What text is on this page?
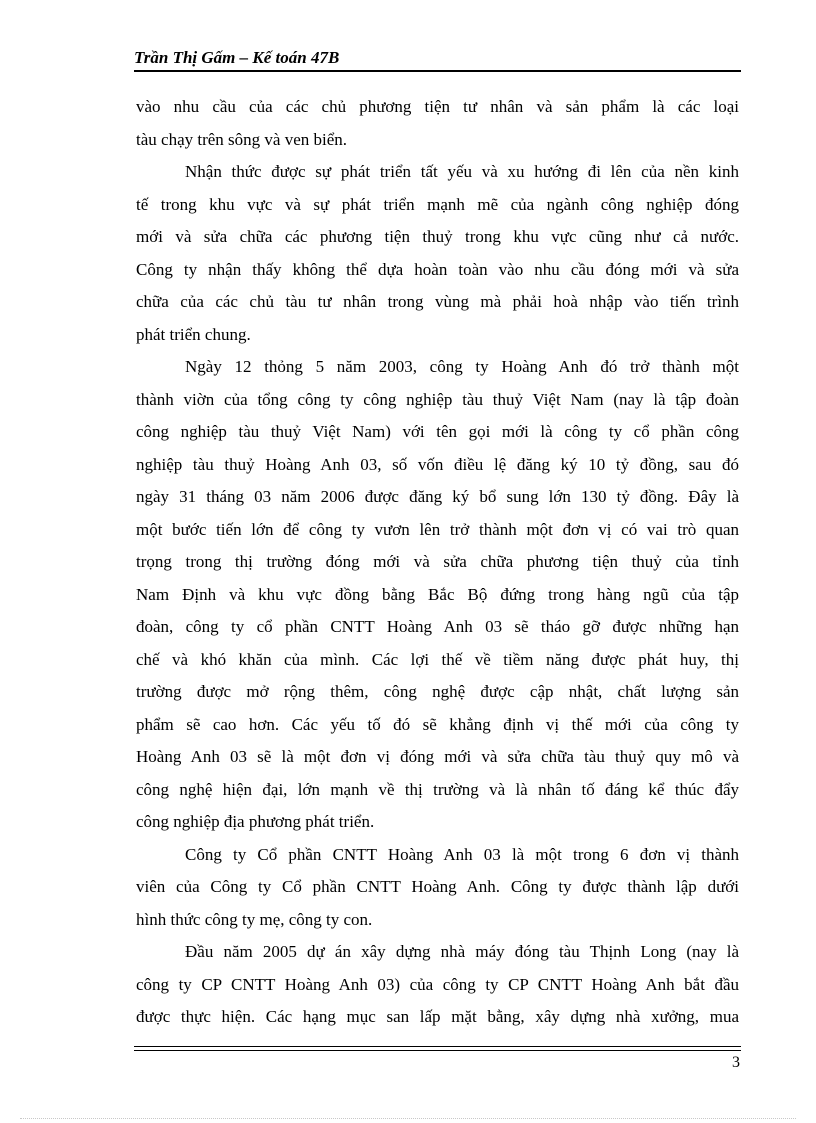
Trần Thị Gấm – Kế toán 47B
vào nhu cầu của các chủ phương tiện tư nhân và sản phẩm là các loại
tàu chạy trên sông và ven biển.
Nhận thức được sự phát triển tất yếu và xu hướng đi lên của nền kinh
tế trong khu vực và sự phát triển mạnh mẽ của ngành công nghiệp đóng
mới và sửa chữa các phương tiện thuỷ trong khu vực cũng như cả nước.
Công ty nhận thấy không thể dựa hoàn toàn vào nhu cầu đóng mới và sửa
chữa của các chủ tàu tư nhân trong vùng mà phải hoà nhập vào tiến trình
phát triển chung.
Ngày 12 thỏng 5 năm 2003, công ty Hoàng Anh đó trở thành một
thành viờn của tổng công ty công nghiệp tàu thuỷ Việt Nam (nay là tập đoàn
công nghiệp tàu thuỷ Việt Nam) với tên gọi mới là công ty cổ phần công
nghiệp tàu thuỷ Hoàng Anh 03, số vốn điều lệ đăng ký 10 tỷ đồng, sau đó
ngày 31 tháng 03 năm 2006 được đăng ký bổ sung lớn 130 tỷ đồng. Đây là
một bước tiến lớn để công ty vươn lên trở thành một đơn vị có vai trò quan
trọng trong thị trường đóng mới và sửa chữa phương tiện thuỷ của tỉnh
Nam Định và khu vực đồng bằng Bắc Bộ đứng trong hàng ngũ của tập
đoàn, công ty cổ phần CNTT Hoàng Anh 03 sẽ tháo gỡ được những hạn
chế và khó khăn của mình. Các lợi thế về tiềm năng được phát huy, thị
trường được mở rộng thêm, công nghệ được cập nhật, chất lượng sản
phẩm sẽ cao hơn. Các yếu tố đó sẽ khẳng định vị thế mới của công ty
Hoàng Anh 03 sẽ là một đơn vị đóng mới và sửa chữa tàu thuỷ quy mô và
công nghệ hiện đại, lớn mạnh về thị trường và là nhân tố đáng kể thúc đẩy
công nghiệp địa phương phát triển.
Công ty Cổ phần CNTT Hoàng Anh 03 là một trong 6 đơn vị thành
viên của Công ty Cổ phần CNTT Hoàng Anh. Công ty được thành lập dưới
hình thức công ty mẹ, công ty con.
Đầu năm 2005 dự án xây dựng nhà máy đóng tàu Thịnh Long (nay là
công ty CP CNTT Hoàng Anh 03) của công ty CP CNTT Hoàng Anh bắt đầu
được thực hiện. Các hạng mục san lấp mặt bằng, xây dựng nhà xưởng, mua
3
